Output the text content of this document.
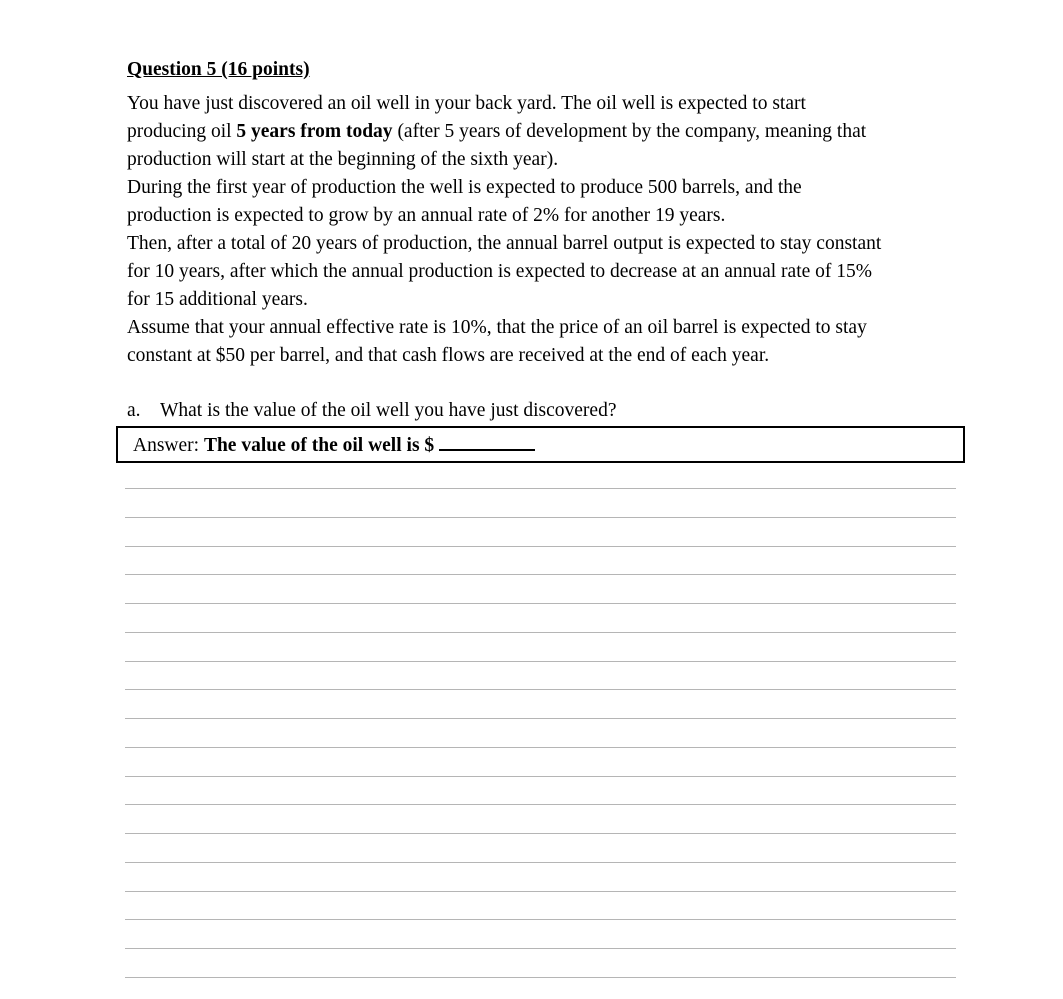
Question 5 (16 points)
You have just discovered an oil well in your back yard. The oil well is expected to start
producing oil 5 years from today (after 5 years of development by the company, meaning that
production will start at the beginning of the sixth year).
During the first year of production the well is expected to produce 500 barrels, and the
production is expected to grow by an annual rate of 2% for another 19 years.
Then, after a total of 20 years of production, the annual barrel output is expected to stay constant
for 10 years, after which the annual production is expected to decrease at an annual rate of 15%
for 15 additional years.
Assume that your annual effective rate is 10%, that the price of an oil barrel is expected to stay
constant at $50 per barrel, and that cash flows are received at the end of each year.
a. What is the value of the oil well you have just discovered?
Answer: The value of the oil well is $
